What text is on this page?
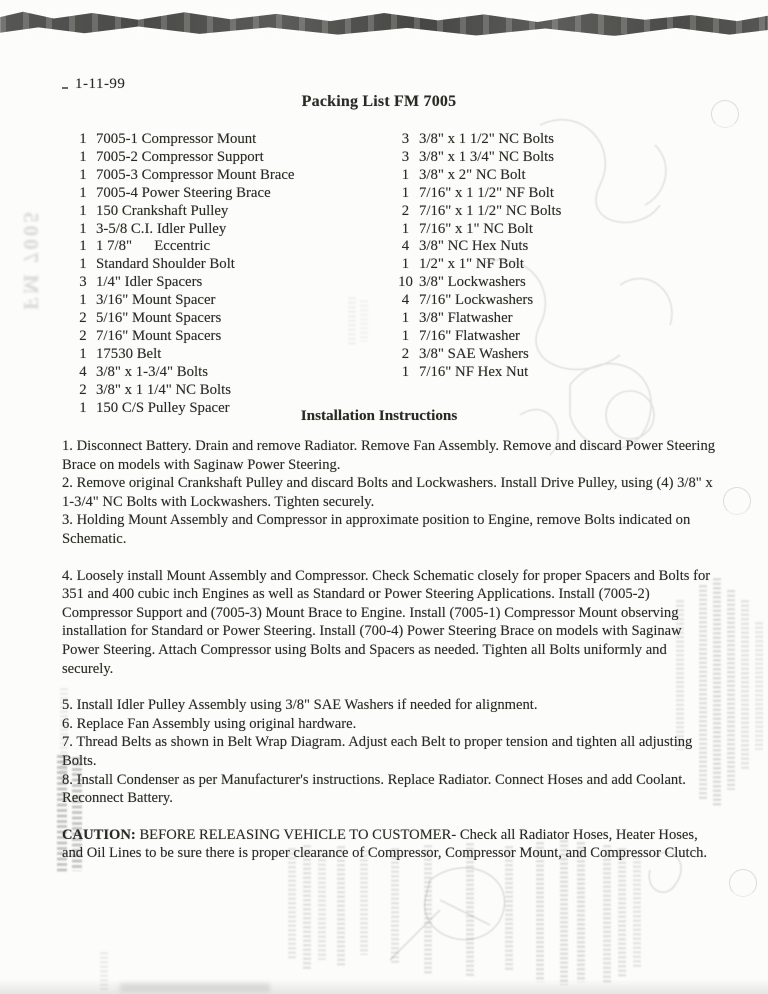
FM 7005
1-11-99
Packing List FM 7005
1 7005-1 Compressor Mount
1 7005-2 Compressor Support
1 7005-3 Compressor Mount Brace
1 7005-4 Power Steering Brace
1 150 Crankshaft Pulley
1 3-5/8 C.I. Idler Pulley
1 1 7/8"      Eccentric
1 Standard Shoulder Bolt
3 1/4" Idler Spacers
1 3/16" Mount Spacer
2 5/16" Mount Spacers
2 7/16" Mount Spacers
1 17530 Belt
4 3/8" x 1-3/4" Bolts
2 3/8" x 1 1/4" NC Bolts
1 150 C/S Pulley Spacer
3 3/8" x 1 1/2" NC Bolts
3 3/8" x 1 3/4" NC Bolts
1 3/8" x 2" NC Bolt
1 7/16" x 1 1/2" NF Bolt
2 7/16" x 1 1/2" NC Bolts
1 7/16" x 1" NC Bolt
4 3/8" NC Hex Nuts
1 1/2" x 1" NF Bolt
10 3/8" Lockwashers
4 7/16" Lockwashers
1 3/8" Flatwasher
1 7/16" Flatwasher
2 3/8" SAE Washers
1 7/16" NF Hex Nut
Installation Instructions

1. Disconnect Battery. Drain and remove Radiator. Remove Fan Assembly. Remove and discard Power Steering Brace on models with Saginaw Power Steering.

2. Remove original Crankshaft Pulley and discard Bolts and Lockwashers. Install Drive Pulley, using (4) 3/8" x 1-3/4" NC Bolts with Lockwashers. Tighten securely.

3. Holding Mount Assembly and Compressor in approximate position to Engine, remove Bolts indicated on Schematic.

4. Loosely install Mount Assembly and Compressor. Check Schematic closely for proper Spacers and Bolts for 351 and 400 cubic inch Engines as well as Standard or Power Steering Applications. Install (7005-2) Compressor Support and (7005-3) Mount Brace to Engine. Install (7005-1) Compressor Mount observing installation for Standard or Power Steering. Install (700-4) Power Steering Brace on models with Saginaw Power Steering. Attach Compressor using Bolts and Spacers as needed. Tighten all Bolts uniformly and securely.

5. Install Idler Pulley Assembly using 3/8" SAE Washers if needed for alignment.

6. Replace Fan Assembly using original hardware.

7. Thread Belts as shown in Belt Wrap Diagram. Adjust each Belt to proper tension and tighten all adjusting Bolts.

8. Install Condenser as per Manufacturer's instructions. Replace Radiator. Connect Hoses and add Coolant. Reconnect Battery.

CAUTION: BEFORE RELEASING VEHICLE TO CUSTOMER- Check all Radiator Hoses, Heater Hoses, and Oil Lines to be sure there is proper clearance of Compressor, Compressor Mount, and Compressor Clutch.
